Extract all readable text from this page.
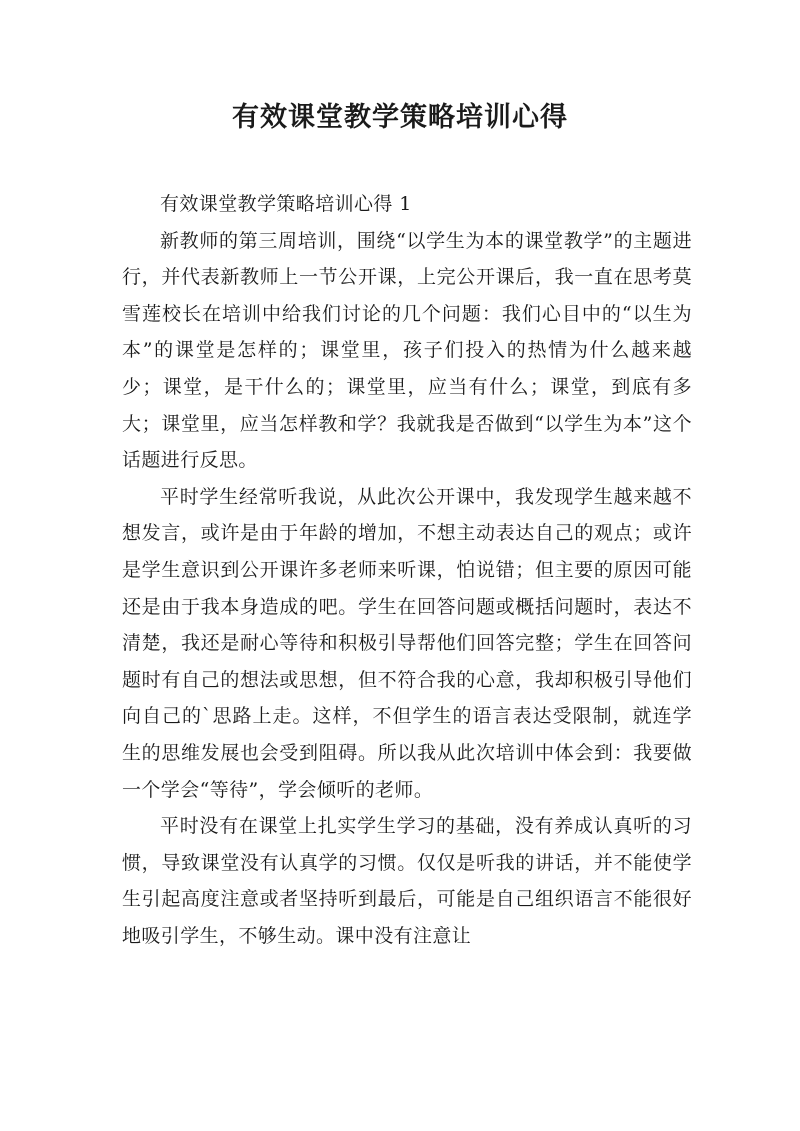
有效课堂教学策略培训心得

有效课堂教学策略培训心得 1

新教师的第三周培训，围绕“以学生为本的课堂教学”的主题进行，并代表新教师上一节公开课，上完公开课后，我一直在思考莫雪莲校长在培训中给我们讨论的几个问题：我们心目中的“以生为本”的课堂是怎样的；课堂里，孩子们投入的热情为什么越来越少；课堂，是干什么的；课堂里，应当有什么；课堂，到底有多大；课堂里，应当怎样教和学？我就我是否做到“以学生为本”这个话题进行反思。

平时学生经常听我说，从此次公开课中，我发现学生越来越不想发言，或许是由于年龄的增加，不想主动表达自己的观点；或许是学生意识到公开课许多老师来听课，怕说错；但主要的原因可能还是由于我本身造成的吧。学生在回答问题或概括问题时，表达不清楚，我还是耐心等待和积极引导帮他们回答完整；学生在回答问题时有自己的想法或思想，但不符合我的心意，我却积极引导他们向自己的`思路上走。这样，不但学生的语言表达受限制，就连学生的思维发展也会受到阻碍。所以我从此次培训中体会到：我要做一个学会“等待”，学会倾听的老师。

平时没有在课堂上扎实学生学习的基础，没有养成认真听的习惯，导致课堂没有认真学的习惯。仅仅是听我的讲话，并不能使学生引起高度注意或者坚持听到最后，可能是自己组织语言不能很好地吸引学生，不够生动。课中没有注意让
